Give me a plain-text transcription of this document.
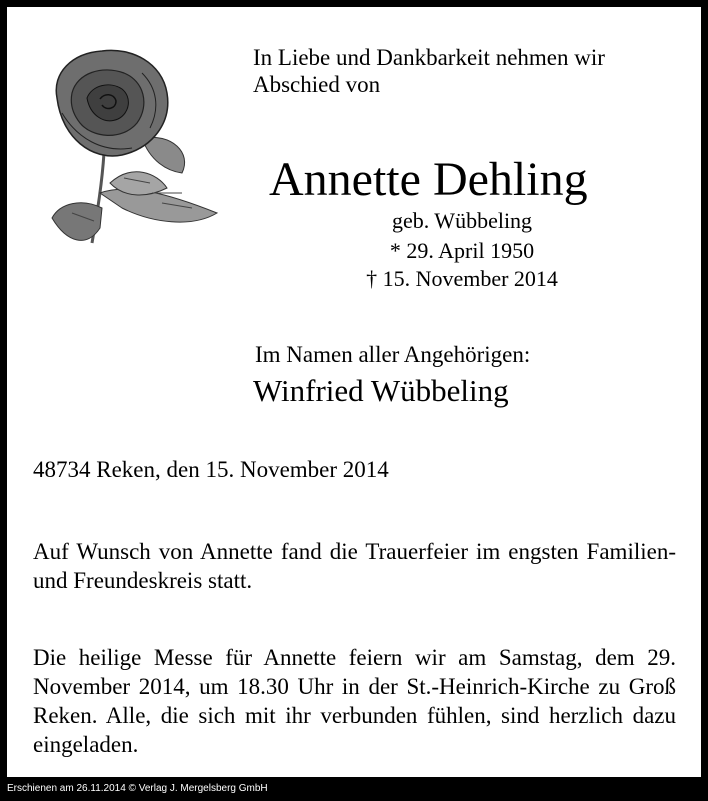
In Liebe und Dankbarkeit nehmen wir Abschied von
Annette Dehling
geb. Wübbeling
* 29. April 1950
† 15. November 2014
Im Namen aller Angehörigen:
Winfried Wübbeling
48734 Reken, den 15. November 2014
Auf Wunsch von Annette fand die Trauerfeier im engsten Familien- und Freundeskreis statt.
Die heilige Messe für Annette feiern wir am Samstag, dem 29. November 2014, um 18.30 Uhr in der St.-Heinrich-Kirche zu Groß Reken. Alle, die sich mit ihr verbunden fühlen, sind herzlich dazu eingeladen.
Erschienen am 26.11.2014 © Verlag J. Mergelsberg GmbH
